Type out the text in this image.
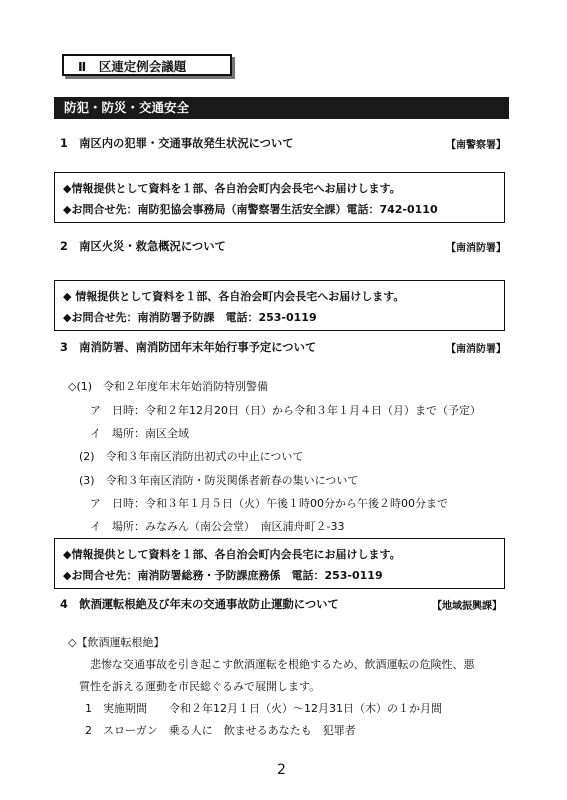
Ⅱ　区連定例会議題
防犯・防災・交通安全
1　南区内の犯罪・交通事故発生状況について	【南警察署】
◆情報提供として資料を１部、各自治会町内会長宅へお届けします。
◆お問合せ先：南防犯協会事務局（南警察署生活安全課）電話：742-0110
2　南区火災・救急概況について	【南消防署】
◆ 情報提供として資料を１部、各自治会町内会長宅へお届けします。
◆お問合せ先：南消防署予防課　電話：253-0119
3　南消防署、南消防団年末年始行事予定について	【南消防署】
◇(1)　令和２年度年末年始消防特別警備
ア　日時：令和２年12月20日（日）から令和３年１月４日（月）まで（予定）
イ　場所：南区全域
(2)　令和３年南区消防出初式の中止について
(3)　令和３年南区消防・防災関係者新春の集いについて
ア　日時：令和３年１月５日（火）午後１時00分から午後２時00分まで
イ　場所：みなみん（南公会堂）　南区浦舟町２-33
◆情報提供として資料を１部、各自治会町内会長宅にお届けします。
◆お問合せ先：南消防署総務・予防課庶務係　電話：253-0119
4　飲酒運転根絶及び年末の交通事故防止運動について	【地域振興課】
◇【飲酒運転根絶】
悲惨な交通事故を引き起こす飲酒運転を根絶するため、飲酒運転の危険性、悪
質性を訴える運動を市民総ぐるみで展開します。
1　実施期間　　令和２年12月１日（火）～12月31日（木）の１か月間
2　スローガン　乗る人に　飲ませるあなたも　犯罪者
2
